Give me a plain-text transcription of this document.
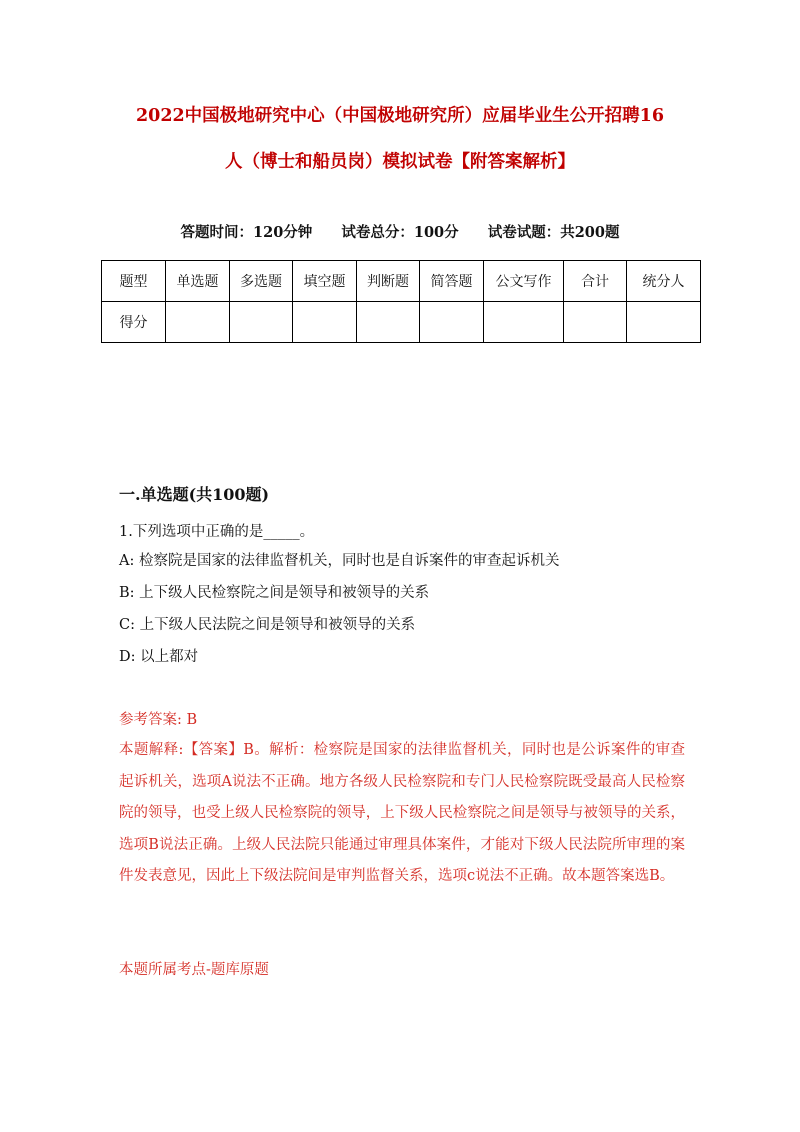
2022中国极地研究中心（中国极地研究所）应届毕业生公开招聘16
人（博士和船员岗）模拟试卷【附答案解析】
答题时间：120分钟 试卷总分：100分 试卷试题：共200题
题型	单选题	多选题	填空题	判断题	简答题	公文写作	合计	统分人
得分								
一.单选题(共100题)
1.下列选项中正确的是_____。
A: 检察院是国家的法律监督机关，同时也是自诉案件的审查起诉机关
B: 上下级人民检察院之间是领导和被领导的关系
C: 上下级人民法院之间是领导和被领导的关系
D: 以上都对
参考答案: B
本题解释:【答案】B。解析：检察院是国家的法律监督机关，同时也是公诉案件的审查起诉机关，选项A说法不正确。地方各级人民检察院和专门人民检察院既受最高人民检察院的领导，也受上级人民检察院的领导，上下级人民检察院之间是领导与被领导的关系，选项B说法正确。上级人民法院只能通过审理具体案件，才能对下级人民法院所审理的案件发表意见，因此上下级法院间是审判监督关系，选项c说法不正确。故本题答案选B。
本题所属考点-题库原题
